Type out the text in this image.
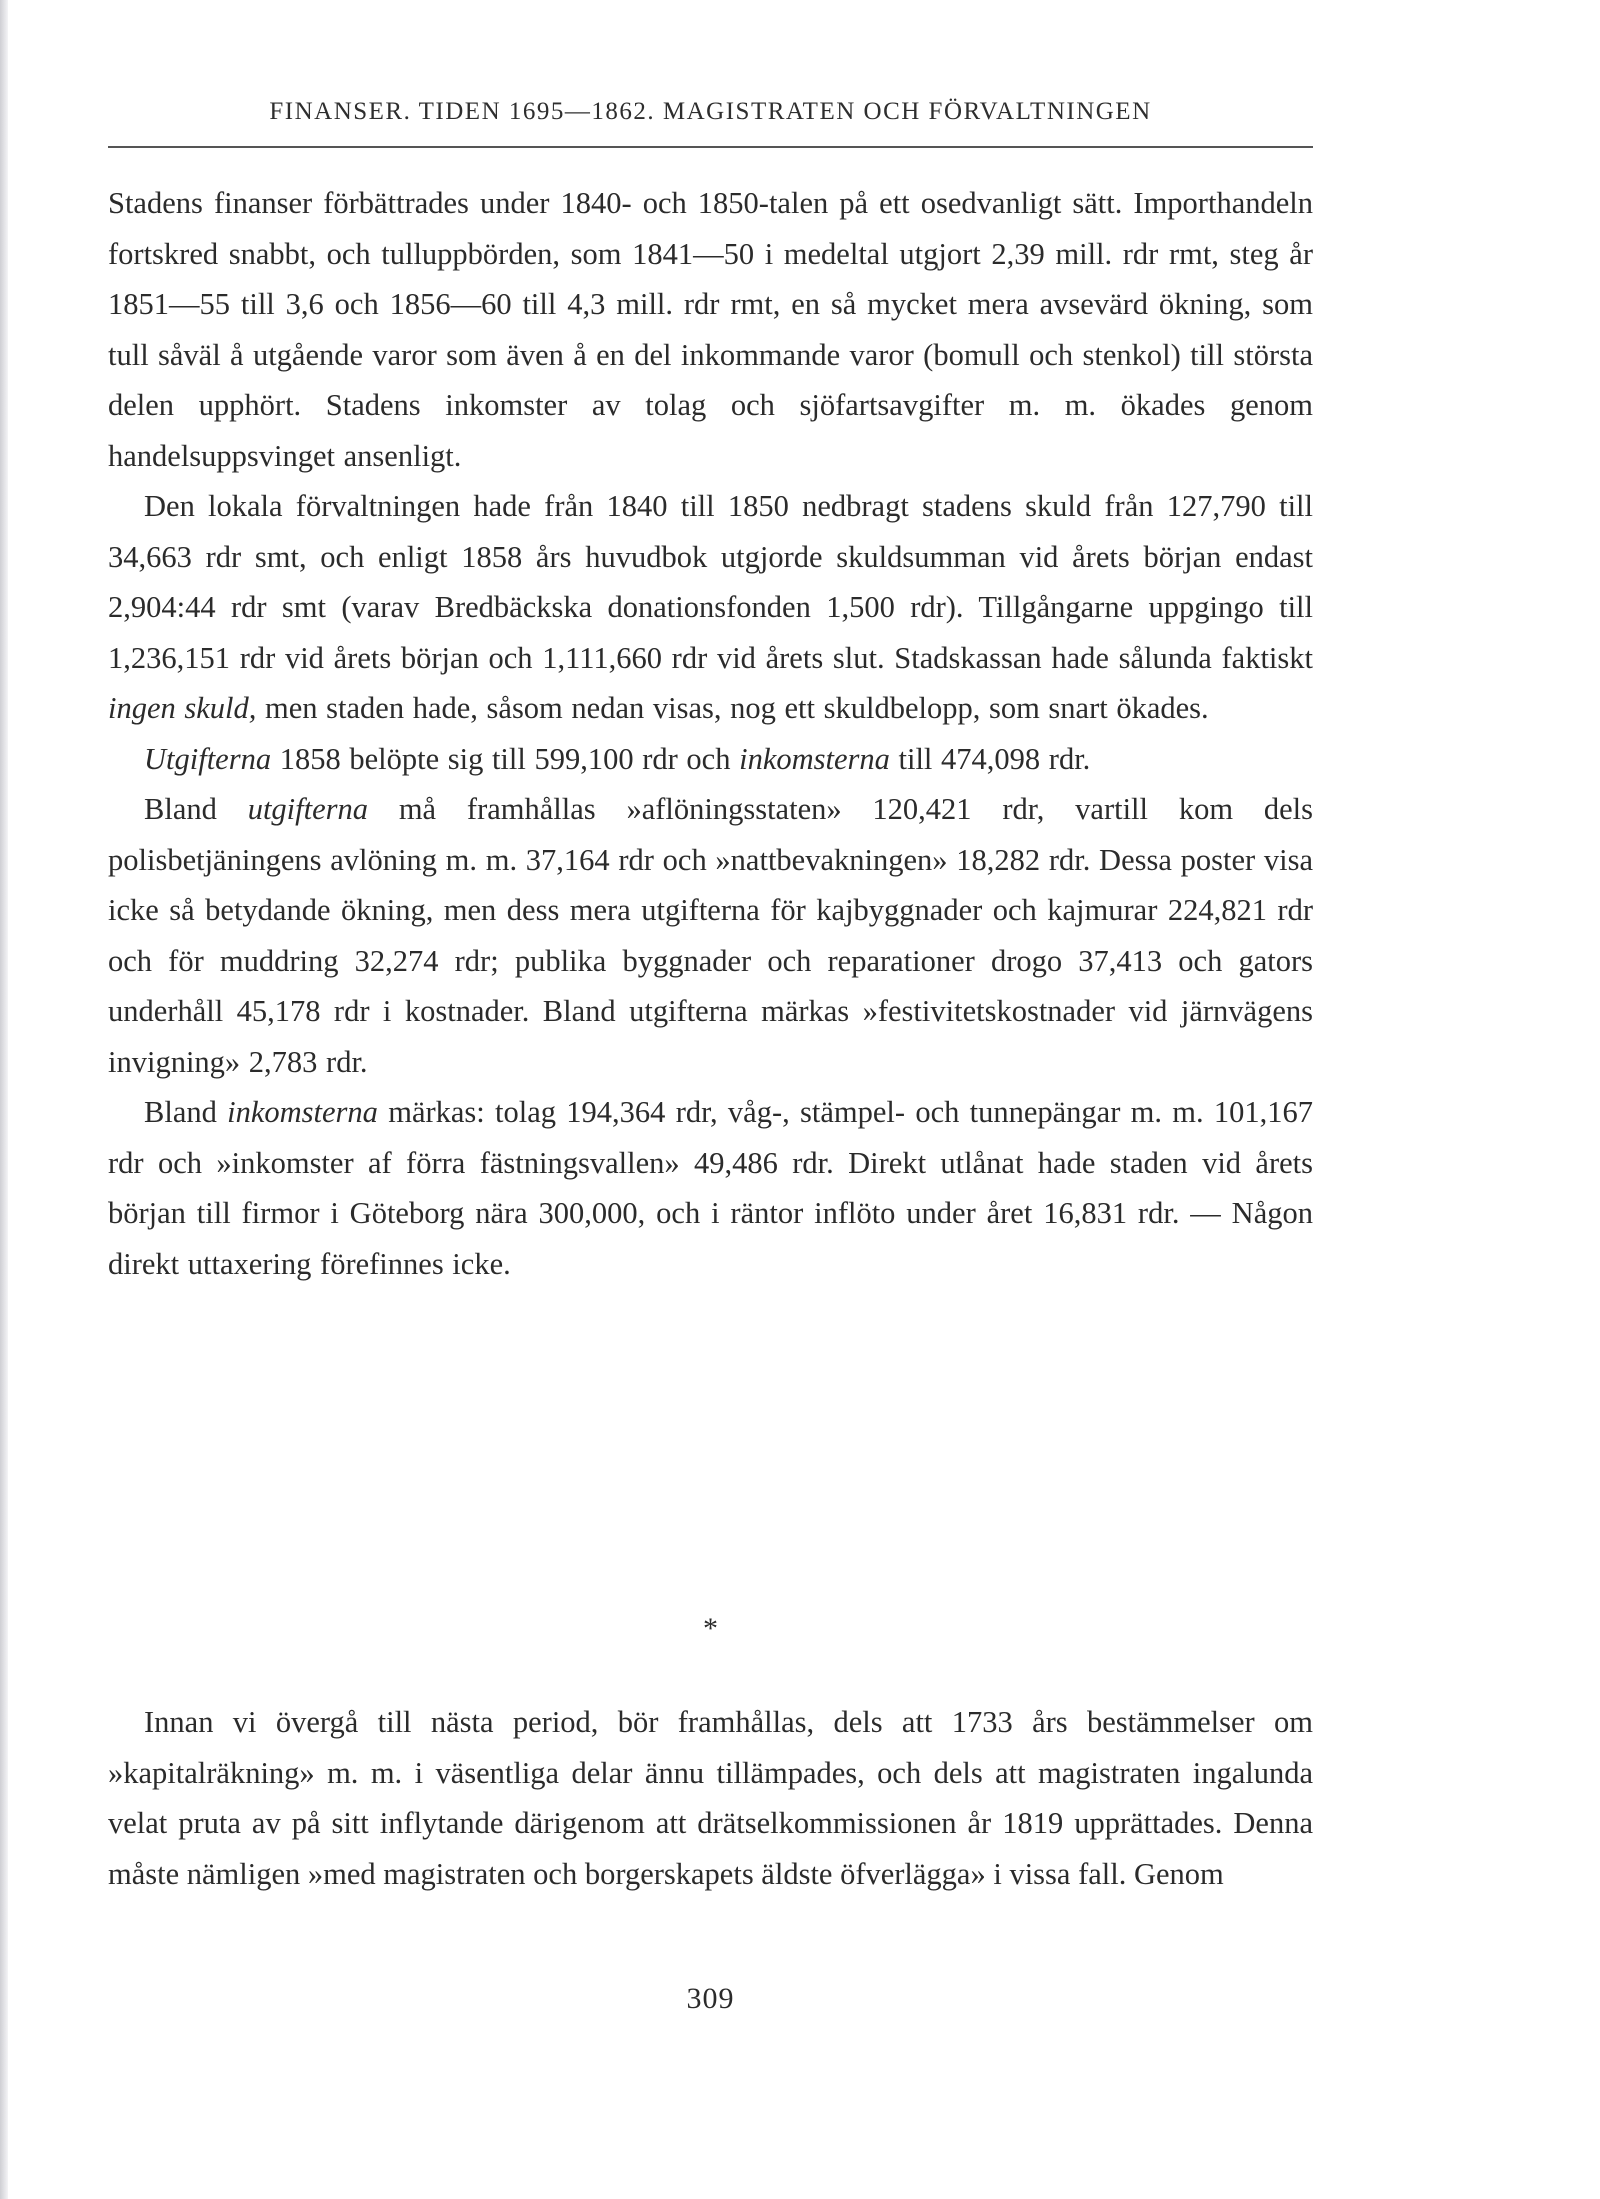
FINANSER. TIDEN 1695—1862. MAGISTRATEN OCH FÖRVALTNINGEN

Stadens finanser förbättrades under 1840- och 1850-talen på ett osedvanligt sätt. Importhandeln fortskred snabbt, och tulluppbörden, som 1841—50 i medeltal utgjort 2,39 mill. rdr rmt, steg år 1851—55 till 3,6 och 1856—60 till 4,3 mill. rdr rmt, en så mycket mera avsevärd ökning, som tull såväl å utgående varor som även å en del inkommande varor (bomull och stenkol) till största delen upphört. Stadens inkomster av tolag och sjöfartsavgifter m. m. ökades genom handelsuppsvinget ansenligt.

Den lokala förvaltningen hade från 1840 till 1850 nedbragt stadens skuld från 127,790 till 34,663 rdr smt, och enligt 1858 års huvudbok utgjorde skuldsumman vid årets början endast 2,904:44 rdr smt (varav Bredbäckska donationsfonden 1,500 rdr). Tillgångarne uppgingo till 1,236,151 rdr vid årets början och 1,111,660 rdr vid årets slut. Stadskassan hade sålunda faktiskt ingen skuld, men staden hade, såsom nedan visas, nog ett skuldbelopp, som snart ökades.

Utgifterna 1858 belöpte sig till 599,100 rdr och inkomsterna till 474,098 rdr.

Bland utgifterna må framhållas »aflöningsstaten» 120,421 rdr, vartill kom dels polisbetjäningens avlöning m. m. 37,164 rdr och »nattbevakningen» 18,282 rdr. Dessa poster visa icke så betydande ökning, men dess mera utgifterna för kajbyggnader och kajmurar 224,821 rdr och för muddring 32,274 rdr; publika byggnader och reparationer drogo 37,413 och gators underhåll 45,178 rdr i kostnader. Bland utgifterna märkas »festivitetskostnader vid järnvägens invigning» 2,783 rdr.

Bland inkomsterna märkas: tolag 194,364 rdr, våg-, stämpel- och tunnepängar m. m. 101,167 rdr och »inkomster af förra fästningsvallen» 49,486 rdr. Direkt utlånat hade staden vid årets början till firmor i Göteborg nära 300,000, och i räntor inflöto under året 16,831 rdr. — Någon direkt uttaxering förefinnes icke.

*

Innan vi övergå till nästa period, bör framhållas, dels att 1733 års bestämmelser om »kapitalräkning» m. m. i väsentliga delar ännu tillämpades, och dels att magistraten ingalunda velat pruta av på sitt inflytande därigenom att drätselkommissionen år 1819 upprättades. Denna måste nämligen »med magistraten och borgerskapets äldste öfverlägga» i vissa fall. Genom

309
